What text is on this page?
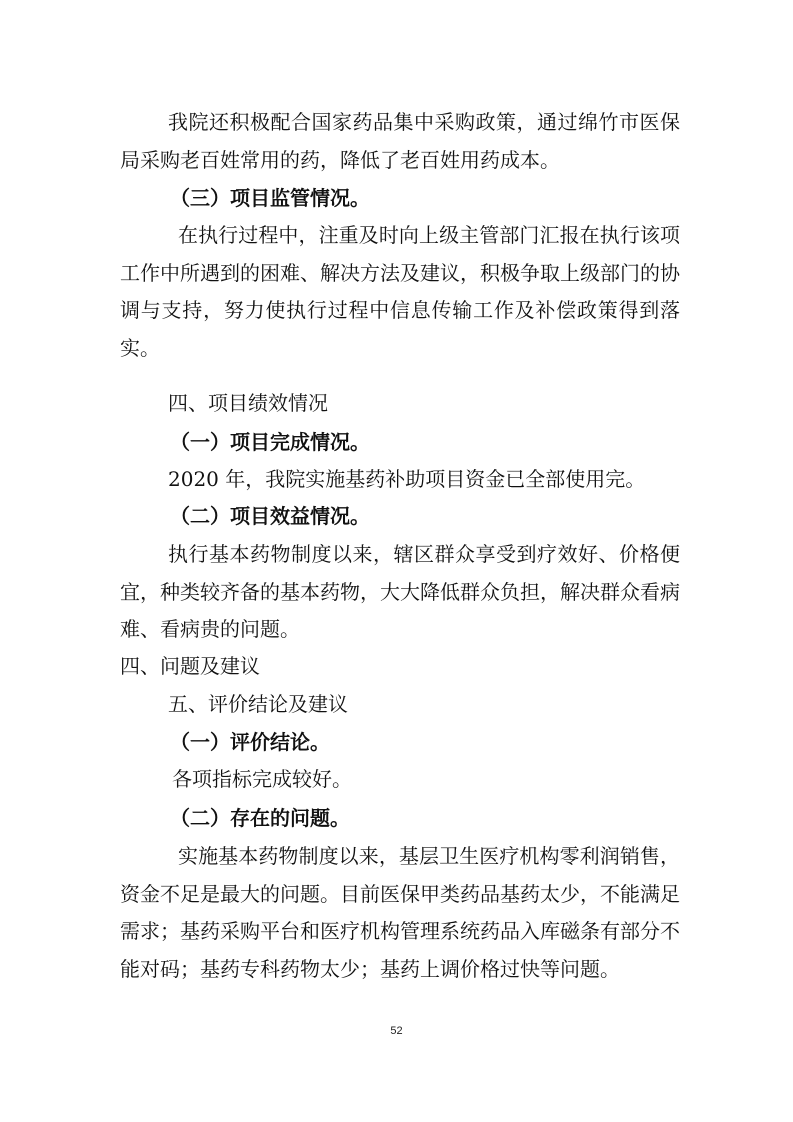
我院还积极配合国家药品集中采购政策，通过绵竹市医保局采购老百姓常用的药，降低了老百姓用药成本。

（三）项目监管情况。

在执行过程中，注重及时向上级主管部门汇报在执行该项工作中所遇到的困难、解决方法及建议，积极争取上级部门的协调与支持，努力使执行过程中信息传输工作及补偿政策得到落实。

四、项目绩效情况

（一）项目完成情况。

2020 年，我院实施基药补助项目资金已全部使用完。

（二）项目效益情况。

执行基本药物制度以来，辖区群众享受到疗效好、价格便宜，种类较齐备的基本药物，大大降低群众负担，解决群众看病难、看病贵的问题。

四、问题及建议

五、评价结论及建议

（一）评价结论。

各项指标完成较好。

（二）存在的问题。

实施基本药物制度以来，基层卫生医疗机构零利润销售，资金不足是最大的问题。目前医保甲类药品基药太少，不能满足需求；基药采购平台和医疗机构管理系统药品入库磁条有部分不能对码；基药专科药物太少；基药上调价格过快等问题。

52
